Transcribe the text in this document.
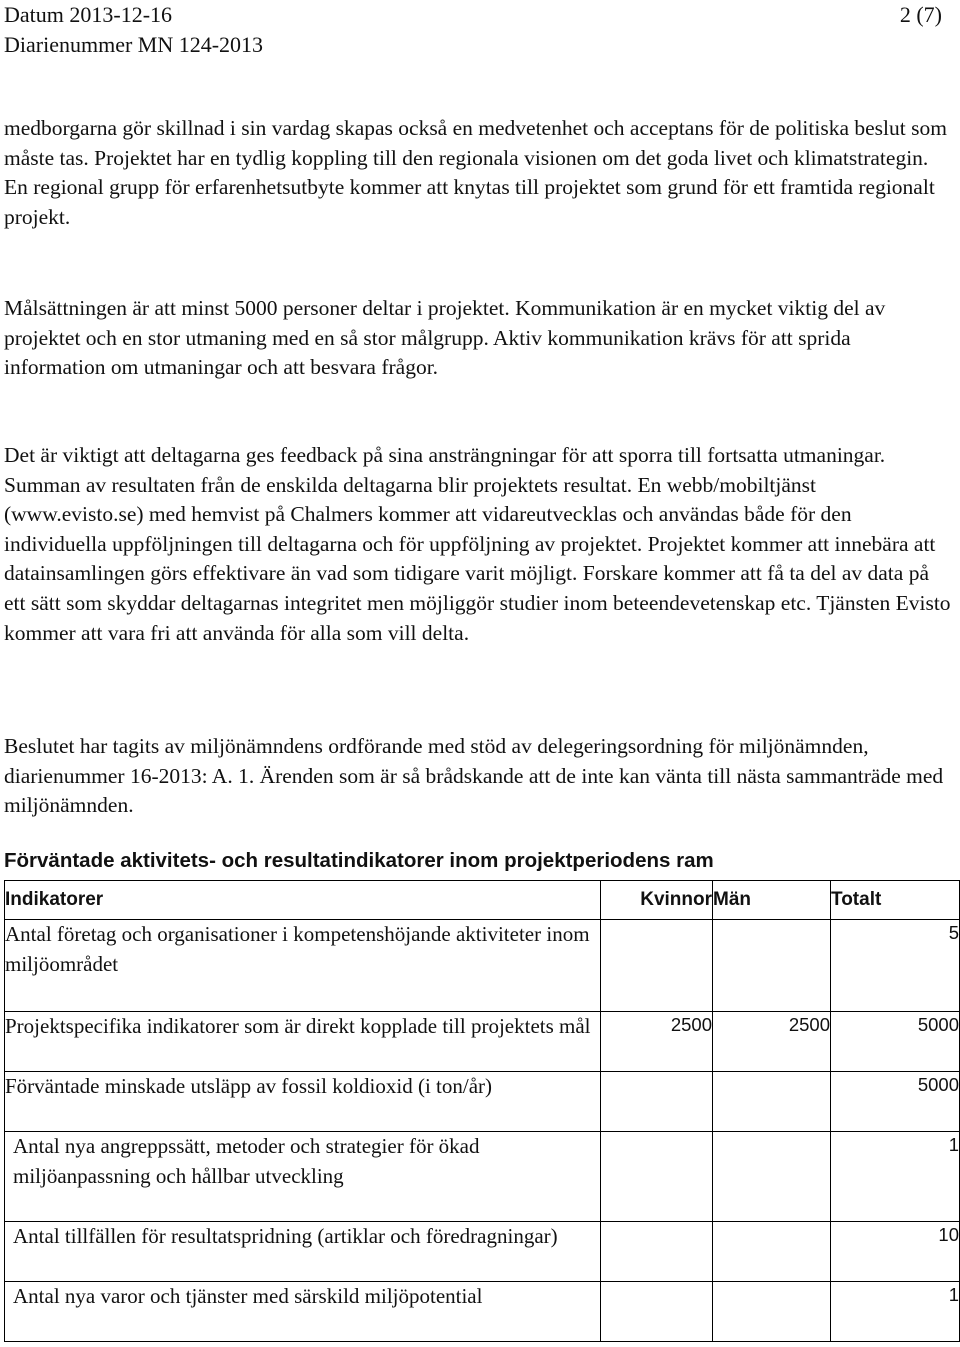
Datum 2013-12-16
Diarienummer MN 124-2013
2 (7)

medborgarna gör skillnad i sin vardag skapas också en medvetenhet och acceptans för de politiska beslut som måste tas. Projektet har en tydlig koppling till den regionala visionen om det goda livet och klimatstrategin. En regional grupp för erfarenhetsutbyte kommer att knytas till projektet som grund för ett framtida regionalt projekt.

Målsättningen är att minst 5000 personer deltar i projektet. Kommunikation är en mycket viktig del av projektet och en stor utmaning med en så stor målgrupp. Aktiv kommunikation krävs för att sprida information om utmaningar och att besvara frågor.

Det är viktigt att deltagarna ges feedback på sina ansträngningar för att sporra till fortsatta utmaningar. Summan av resultaten från de enskilda deltagarna blir projektets resultat. En webb/mobiltjänst (www.evisto.se) med hemvist på Chalmers kommer att vidareutvecklas och användas både för den individuella uppföljningen till deltagarna och för uppföljning av projektet. Projektet kommer att innebära att datainsamlingen görs effektivare än vad som tidigare varit möjligt. Forskare kommer att få ta del av data på ett sätt som skyddar deltagarnas integritet men möjliggör studier inom beteendevetenskap etc. Tjänsten Evisto kommer att vara fri att använda för alla som vill delta.

Beslutet har tagits av miljönämndens ordförande med stöd av delegeringsordning för miljönämnden, diarienummer 16-2013: A. 1. Ärenden som är så brådskande att de inte kan vänta till nästa sammanträde med miljönämnden.

Förväntade aktivitets- och resultatindikatorer inom projektperiodens ram
Indikatorer	Kvinnor	Män	Totalt
Antal företag och organisationer i kompetenshöjande aktiviteter inom miljöområdet			5
Projektspecifika indikatorer som är direkt kopplade till projektets mål	2500	2500	5000
Förväntade minskade utsläpp av fossil koldioxid (i ton/år)			5000
Antal nya angreppssätt, metoder och strategier för ökad miljöanpassning och hållbar utveckling			1
Antal tillfällen för resultatspridning (artiklar och föredragningar)			10
Antal nya varor och tjänster med särskild miljöpotential			1
